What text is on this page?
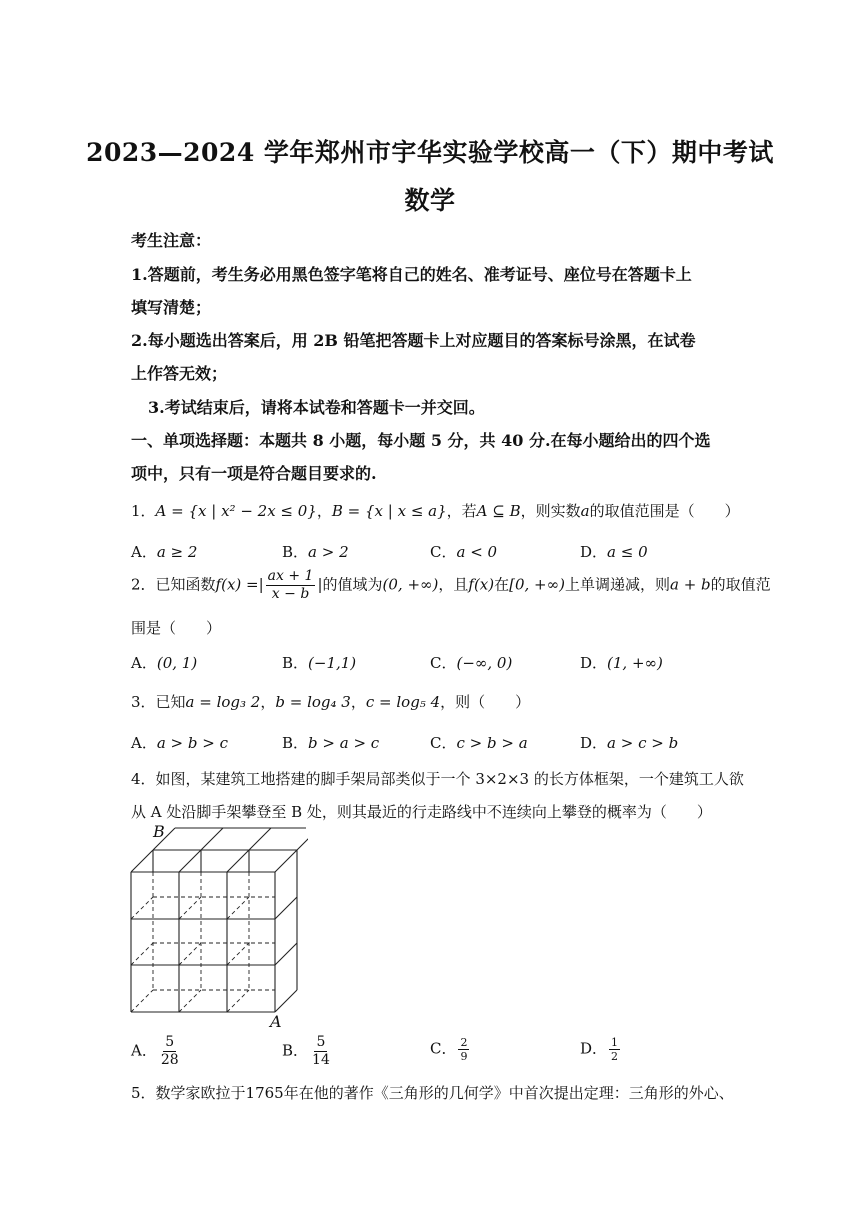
2023—2024 学年郑州市宇华实验学校高一（下）期中考试
数学
考生注意：
1.答题前，考生务必用黑色签字笔将自己的姓名、准考证号、座位号在答题卡上
填写清楚；
2.每小题选出答案后，用 2B 铅笔把答题卡上对应题目的答案标号涂黑，在试卷
上作答无效；
3.考试结束后，请将本试卷和答题卡一并交回。
一、单项选择题：本题共 8 小题，每小题 5 分，共 40 分.在每小题给出的四个选
项中，只有一项是符合题目要求的.
1．A = {x | x² − 2x ≤ 0}，B = {x | x ≤ a}，若A ⊆ B，则实数a的取值范围是（　　）
A．a ≥ 2	B．a > 2	C．a < 0	D．a ≤ 0
2．已知函数f(x) =| $\frac{ax + 1}{x - b}$ |的值域为(0, +∞)，且f(x)在[0, +∞)上单调递减，则a + b的取值范
围是（　　）
A．(0, 1)	B．(−1,1)	C．(−∞, 0)	D．(1, +∞)
3．已知a = log₃ 2，b = log₄ 3，c = log₅ 4，则（　　）
A．a > b > c	B．b > a > c	C．c > b > a	D．a > c > b
4．如图，某建筑工地搭建的脚手架局部类似于一个 3×2×3 的长方体框架，一个建筑工人欲
从 A 处沿脚手架攀登至 B 处，则其最近的行走路线中不连续向上攀登的概率为（　　）
B
A
A． $\frac{5}{28}$	B． $\frac{5}{14}$	C． $\frac{2}{9}$	D． $\frac{1}{2}$
5．数学家欧拉于1765年在他的著作《三角形的几何学》中首次提出定理：三角形的外心、
